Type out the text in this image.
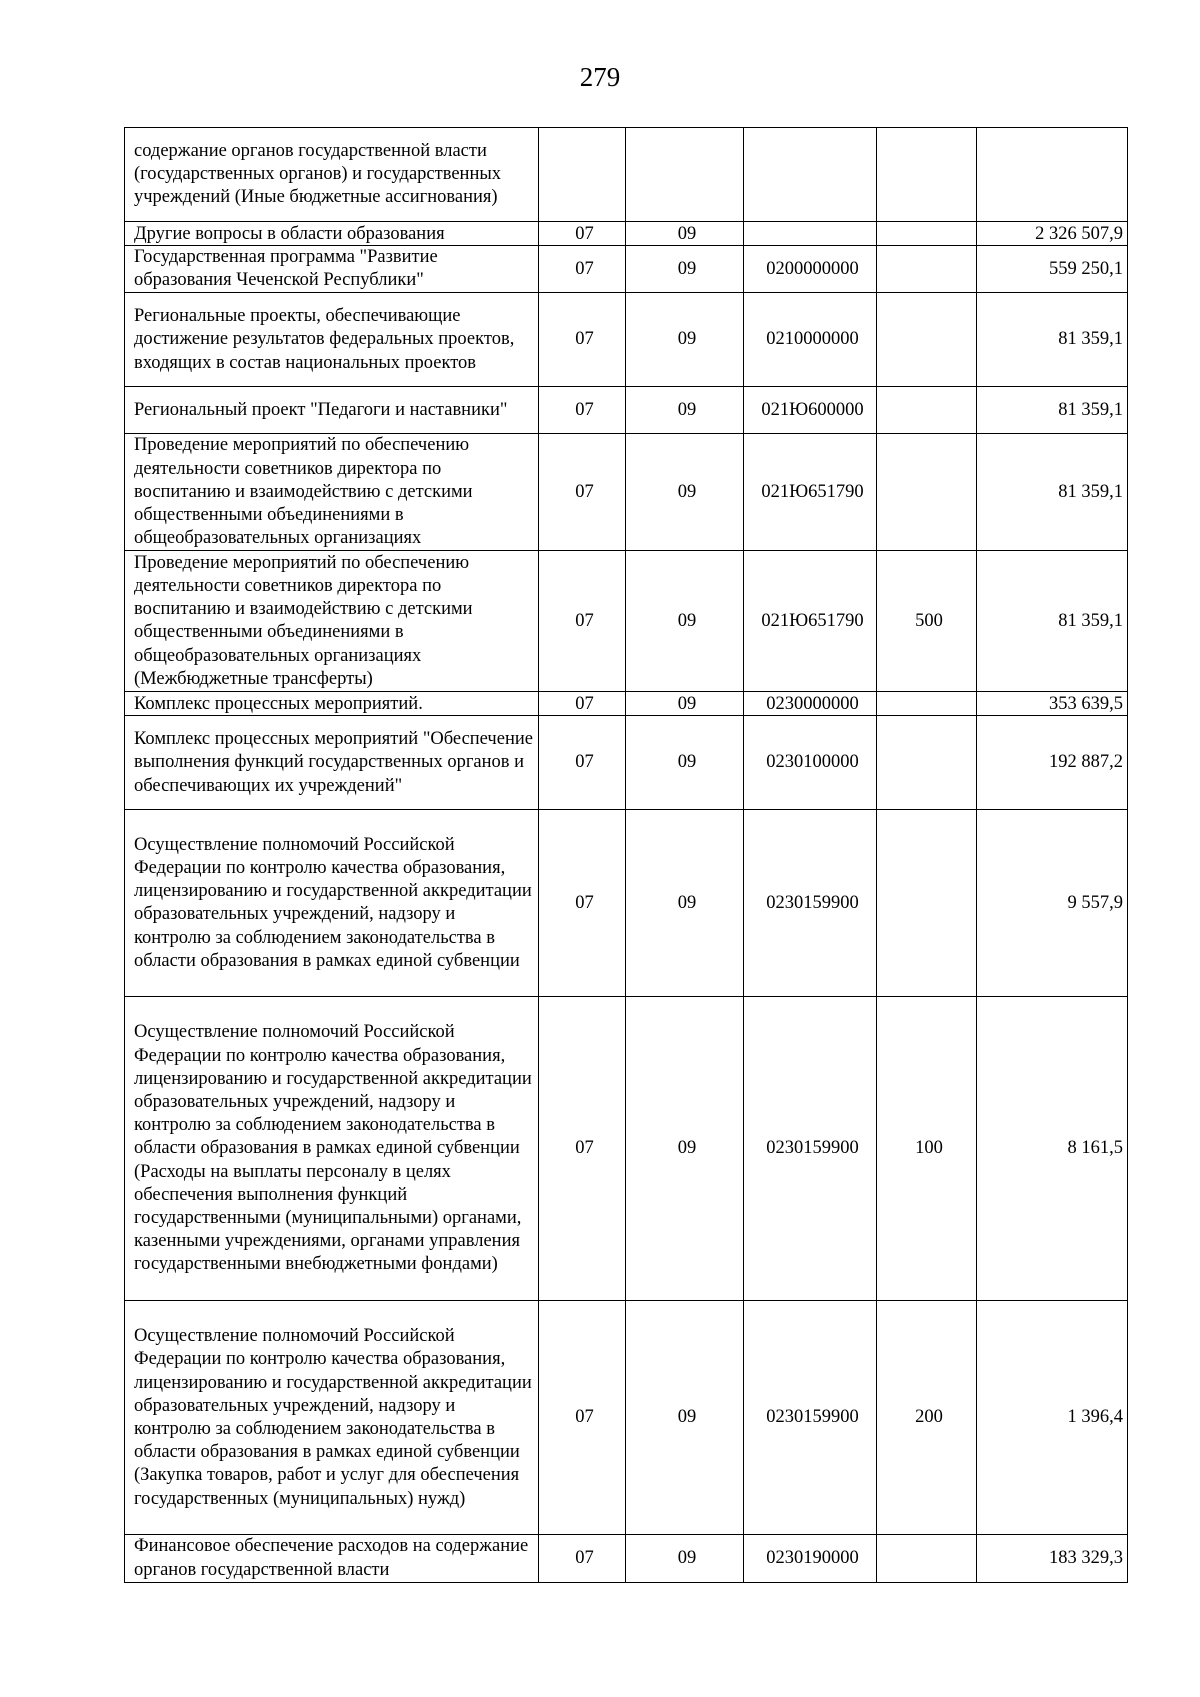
279
содержание органов государственной власти (государственных органов) и государственных учреждений (Иные бюджетные ассигнования)					
Другие вопросы в области образования	07	09			2 326 507,9
Государственная программа "Развитие образования Чеченской Республики"	07	09	0200000000		559 250,1
Региональные проекты, обеспечивающие достижение результатов федеральных проектов, входящих в состав национальных проектов	07	09	0210000000		81 359,1
Региональный проект "Педагоги и наставники"	07	09	021Ю600000		81 359,1
Проведение мероприятий по обеспечению деятельности советников директора по воспитанию и взаимодействию с детскими общественными объединениями в общеобразовательных организациях	07	09	021Ю651790		81 359,1
Проведение мероприятий по обеспечению деятельности советников директора по воспитанию и взаимодействию с детскими общественными объединениями в общеобразовательных организациях (Межбюджетные трансферты)	07	09	021Ю651790	500	81 359,1
Комплекс процессных мероприятий.	07	09	0230000000		353 639,5
Комплекс процессных мероприятий "Обеспечение выполнения функций государственных органов и обеспечивающих их учреждений"	07	09	0230100000		192 887,2
Осуществление полномочий Российской Федерации по контролю качества образования, лицензированию и государственной аккредитации образовательных учреждений, надзору и контролю за соблюдением законодательства в области образования в рамках единой субвенции	07	09	0230159900		9 557,9
Осуществление полномочий Российской Федерации по контролю качества образования, лицензированию и государственной аккредитации образовательных учреждений, надзору и контролю за соблюдением законодательства в области образования в рамках единой субвенции (Расходы на выплаты персоналу в целях обеспечения выполнения функций государственными (муниципальными) органами, казенными учреждениями, органами управления государственными внебюджетными фондами)	07	09	0230159900	100	8 161,5
Осуществление полномочий Российской Федерации по контролю качества образования, лицензированию и государственной аккредитации образовательных учреждений, надзору и контролю за соблюдением законодательства в области образования в рамках единой субвенции (Закупка товаров, работ и услуг для обеспечения государственных (муниципальных) нужд)	07	09	0230159900	200	1 396,4
Финансовое обеспечение расходов на содержание органов государственной власти	07	09	0230190000		183 329,3
